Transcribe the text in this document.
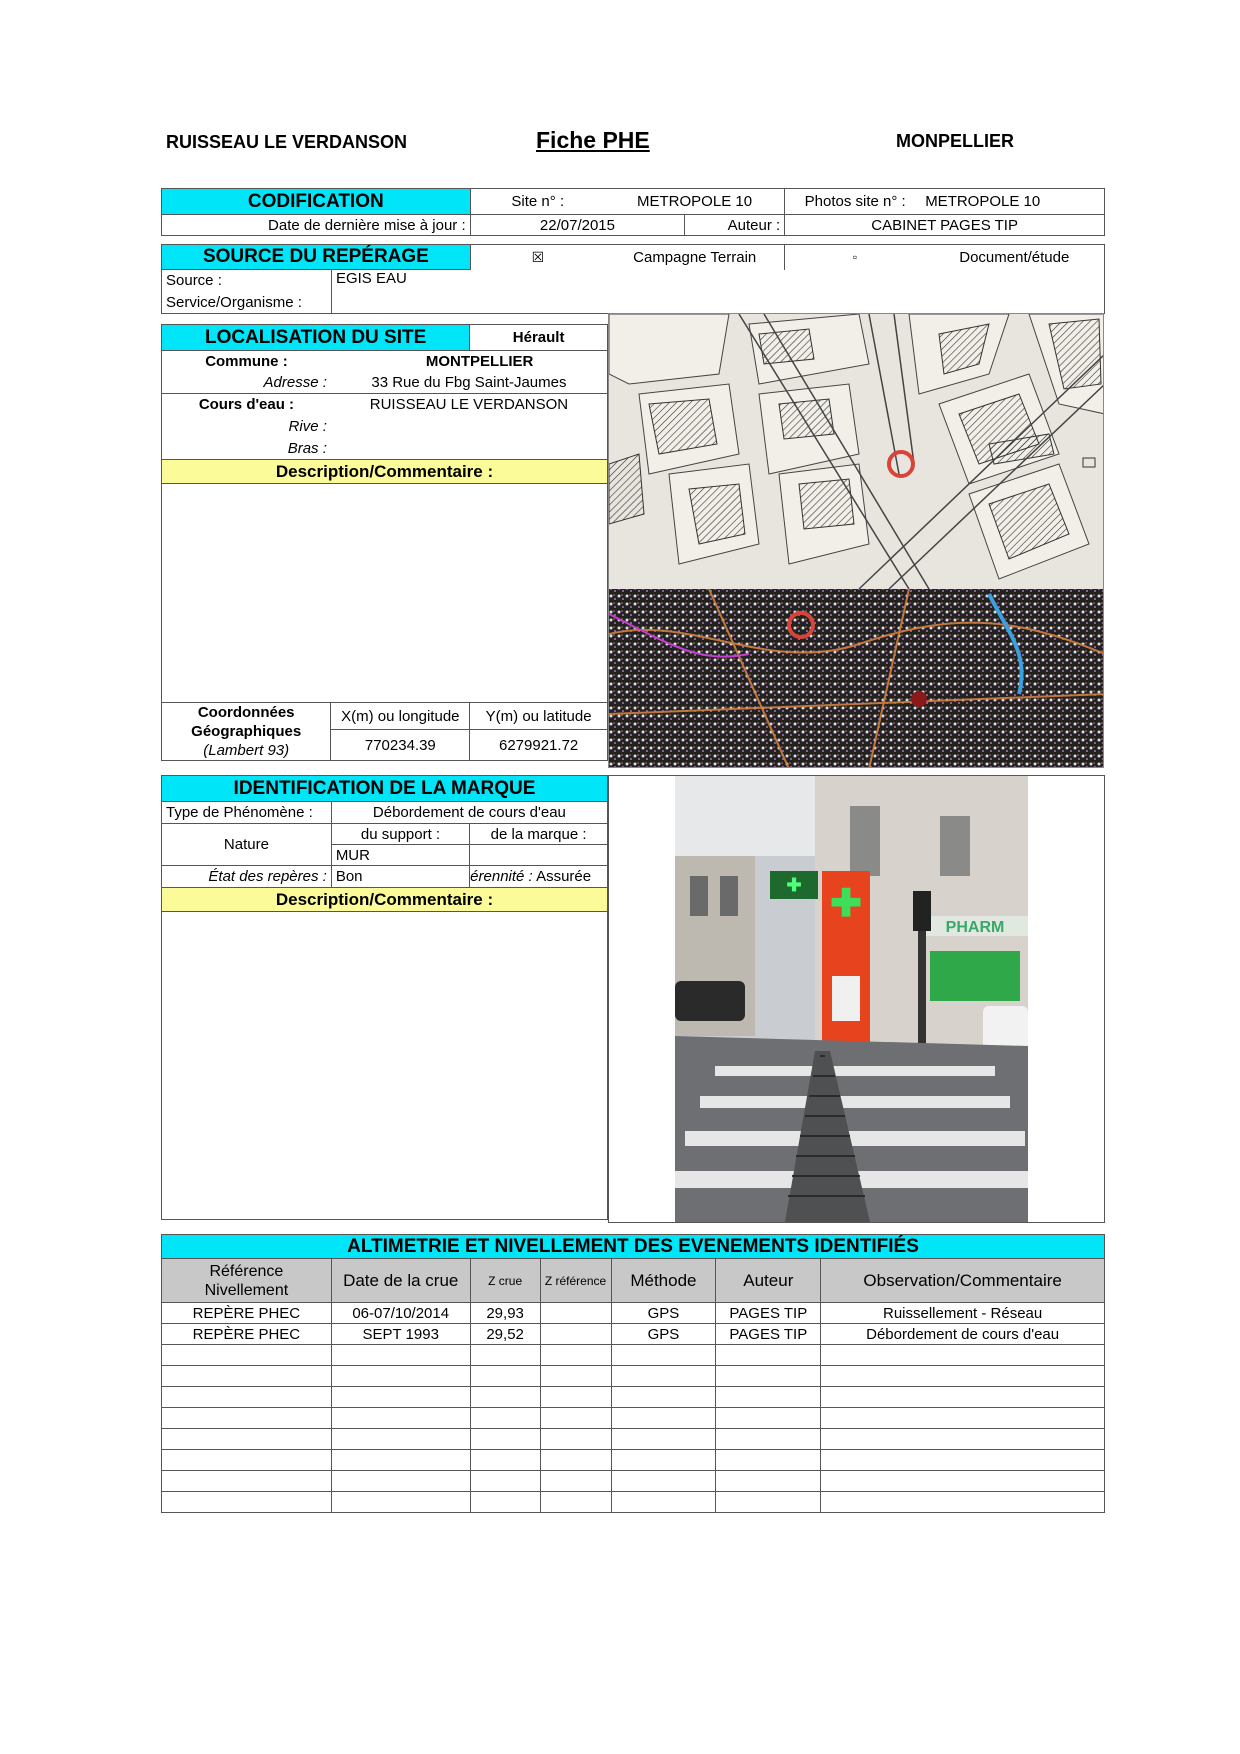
RUISSEAU LE VERDANSON	Fiche PHE	MONPELLIER
CODIFICATION	Site n° :	METROPOLE 10		Photos site n° : METROPOLE 10
Date de dernière mise à jour :	22/07/2015		Auteur :	CABINET PAGES TIP
SOURCE DU REPÉRAGE		☒	Campagne Terrain	▫	Document/étude
Source :	EGIS EAU				
Service/Organisme :					
LOCALISATION DU SITE		Hérault
Commune :	MONTPELLIER	
Adresse :	33 Rue du Fbg Saint-Jaumes	
Cours d'eau :	RUISSEAU LE VERDANSON	
Rive :		
Bras :		
Description/Commentaire :		

Coordonnées
Géographiques
(Lambert 93)	X(m) ou longitude	Y(m) ou latitude
	770234.39	6279921.72
IDENTIFICATION DE LA MARQUE		
Type de Phénomène :	Débordement de cours d'eau	
Nature	du support :	de la marque :
	MUR	
État des repères :	Bon	érennité : Assurée
Description/Commentaire :		

✚ ✚
PHARM
ALTIMETRIE ET NIVELLEMENT DES EVENEMENTS IDENTIFIÉS						
Référence Nivellement	Date de la crue	Z crue	Z référence	Méthode	Auteur	Observation/Commentaire
REPÈRE PHEC	06-07/10/2014	29,93		GPS	PAGES TIP	Ruissellement - Réseau
REPÈRE PHEC	SEPT 1993	29,52		GPS	PAGES TIP	Débordement de cours d'eau
